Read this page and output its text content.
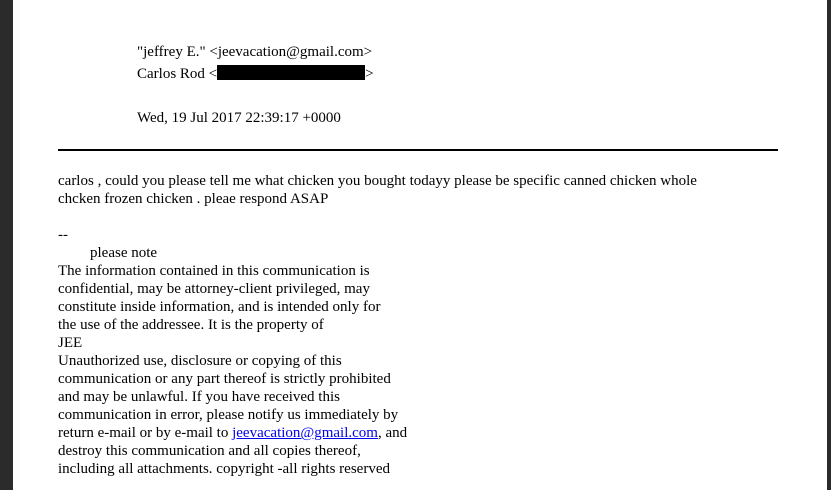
"jeffrey E." <jeevacation@gmail.com>
Carlos Rod <	>
Wed, 19 Jul 2017 22:39:17 +0000
carlos , could you please tell me what chicken you bought todayy please be specific canned chicken whole
chcken frozen chicken . pleae respond ASAP
--
please note
The information contained in this communication is
confidential, may be attorney-client privileged, may
constitute inside information, and is intended only for
the use of the addressee. It is the property of
JEE
Unauthorized use, disclosure or copying of this
communication or any part thereof is strictly prohibited
and may be unlawful. If you have received this
communication in error, please notify us immediately by
return e-mail or by e-mail to jeevacation@gmail.com, and
destroy this communication and all copies thereof,
including all attachments. copyright -all rights reserved
